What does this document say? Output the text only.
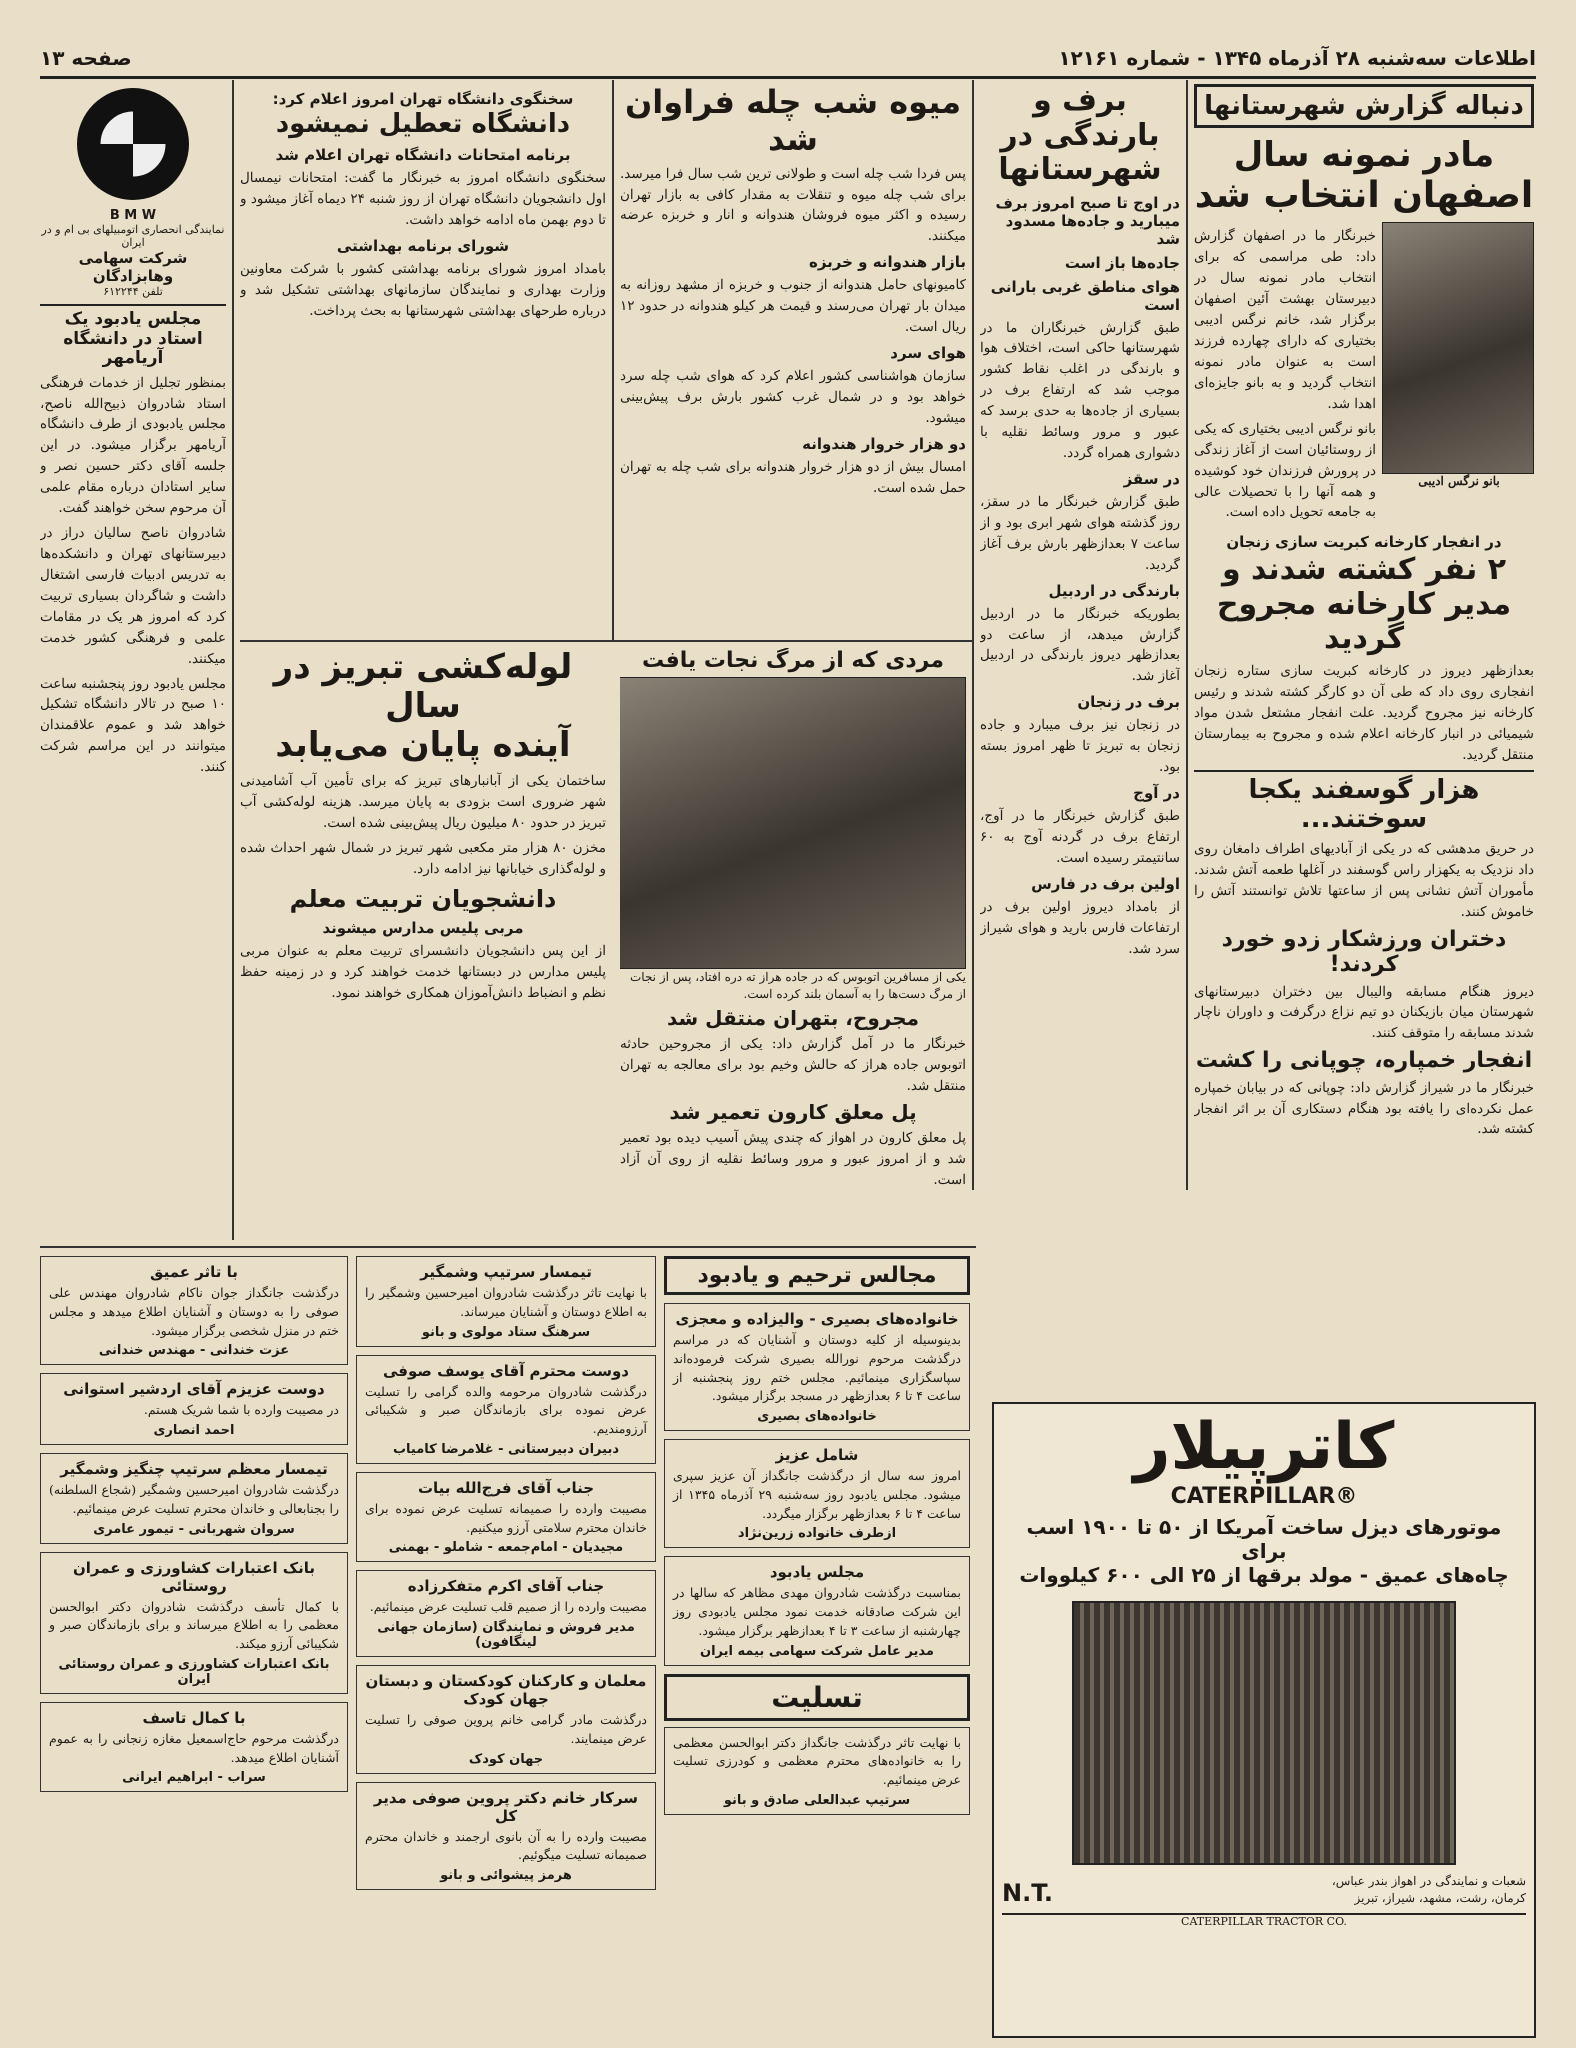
اطلاعات سه‌شنبه ۲۸ آذرماه ۱۳۴۵ - شماره ۱۲۱۶۱
صفحه ۱۳
دنباله گزارش شهرستانها
مادر نمونه سال
اصفهان انتخاب شد
بانو نرگس ادیبی

خبرنگار ما در اصفهان گزارش داد: طی مراسمی که برای انتخاب مادر نمونه سال در دبیرستان بهشت آئین اصفهان برگزار شد، خانم نرگس ادیبی بختیاری که دارای چهارده فرزند است به عنوان مادر نمونه انتخاب گردید و به بانو جایزه‌ای اهدا شد.

بانو نرگس ادیبی بختیاری که یکی از روستائیان است از آغاز زندگی در پرورش فرزندان خود کوشیده و همه آنها را با تحصیلات عالی به جامعه تحویل داده است.

در انفجار کارخانه کبریت سازی زنجان
۲ نفر کشته شدند و مدیر کارخانه مجروح گردید

بعدازظهر دیروز در کارخانه کبریت سازی ستاره زنجان انفجاری روی داد که طی آن دو کارگر کشته شدند و رئیس کارخانه نیز مجروح گردید. علت انفجار مشتعل شدن مواد شیمیائی در انبار کارخانه اعلام شده و مجروح به بیمارستان منتقل گردید.

هزار گوسفند یکجا سوختند...

در حریق مدهشی که در یکی از آبادیهای اطراف دامغان روی داد نزدیک به یکهزار راس گوسفند در آغلها طعمه آتش شدند. مأموران آتش نشانی پس از ساعتها تلاش توانستند آتش را خاموش کنند.

دختران ورزشکار زدو خورد کردند!

دیروز هنگام مسابقه والیبال بین دختران دبیرستانهای شهرستان میان بازیکنان دو تیم نزاع درگرفت و داوران ناچار شدند مسابقه را متوقف کنند.

انفجار خمپاره، چوپانی را کشت

خبرنگار ما در شیراز گزارش داد: چوپانی که در بیابان خمپاره عمل نکرده‌ای را یافته بود هنگام دستکاری آن بر اثر انفجار کشته شد.

برف و بارندگی در شهرستانها
در اوج تا صبح امروز برف میبارید و جاده‌ها مسدود شد
جاده‌ها باز است
هوای مناطق غربی بارانی است

طبق گزارش خبرنگاران ما در شهرستانها حاکی است، اختلاف هوا و بارندگی در اغلب نقاط کشور موجب شد که ارتفاع برف در بسیاری از جاده‌ها به حدی برسد که عبور و مرور وسائط نقلیه با دشواری همراه گردد.

در سقز

طبق گزارش خبرنگار ما در سقز، روز گذشته هوای شهر ابری بود و از ساعت ۷ بعدازظهر بارش برف آغاز گردید.

بارندگی در اردبیل

بطوریکه خبرنگار ما در اردبیل گزارش میدهد، از ساعت دو بعدازظهر دیروز بارندگی در اردبیل آغاز شد.

برف در زنجان

در زنجان نیز برف میبارد و جاده زنجان به تبریز تا ظهر امروز بسته بود.

در آوج

طبق گزارش خبرنگار ما در آوج، ارتفاع برف در گردنه آوج به ۶۰ سانتیمتر رسیده است.

اولین برف در فارس

از بامداد دیروز اولین برف در ارتفاعات فارس بارید و هوای شیراز سرد شد.

میوه شب چله فراوان شد

پس فردا شب چله است و طولانی ترین شب سال فرا میرسد. برای شب چله میوه و تنقلات به مقدار کافی به بازار تهران رسیده و اکثر میوه فروشان هندوانه و انار و خربزه عرضه میکنند.

بازار هندوانه و خربزه

کامیونهای حامل هندوانه از جنوب و خربزه از مشهد روزانه به میدان بار تهران می‌رسند و قیمت هر کیلو هندوانه در حدود ۱۲ ریال است.

هوای سرد

سازمان هواشناسی کشور اعلام کرد که هوای شب چله سرد خواهد بود و در شمال غرب کشور بارش برف پیش‌بینی میشود.

دو هزار خروار هندوانه

امسال بیش از دو هزار خروار هندوانه برای شب چله به تهران حمل شده است.

سخنگوی دانشگاه تهران امروز اعلام کرد:
دانشگاه تعطیل نمیشود
برنامه امتحانات دانشگاه تهران اعلام شد

سخنگوی دانشگاه امروز به خبرنگار ما گفت: امتحانات نیمسال اول دانشجویان دانشگاه تهران از روز شنبه ۲۴ دیماه آغاز میشود و تا دوم بهمن ماه ادامه خواهد داشت.

شورای برنامه بهداشتی

بامداد امروز شورای برنامه بهداشتی کشور با شرکت معاونین وزارت بهداری و نمایندگان سازمانهای بهداشتی تشکیل شد و درباره طرحهای بهداشتی شهرستانها به بحث پرداخت.

B M W
نمایندگی انحصاری اتومبیلهای بی ام و در ایران
شرکت سهامی وهابزادگان
تلفن ۶۱۲۲۴۴
مجلس یادبود یک استاد در دانشگاه آریامهر

بمنظور تجلیل از خدمات فرهنگی استاد شادروان ذبیح‌الله ناصح، مجلس یادبودی از طرف دانشگاه آریامهر برگزار میشود. در این جلسه آقای دکتر حسین نصر و سایر استادان درباره مقام علمی آن مرحوم سخن خواهند گفت.

شادروان ناصح سالیان دراز در دبیرستانهای تهران و دانشکده‌ها به تدریس ادبیات فارسی اشتغال داشت و شاگردان بسیاری تربیت کرد که امروز هر یک در مقامات علمی و فرهنگی کشور خدمت میکنند.

مجلس یادبود روز پنجشنبه ساعت ۱۰ صبح در تالار دانشگاه تشکیل خواهد شد و عموم علاقمندان میتوانند در این مراسم شرکت کنند.

لوله‌کشی تبریز در سال
آینده پایان می‌یابد

ساختمان یکی از آبانبارهای تبریز که برای تأمین آب آشامیدنی شهر ضروری است بزودی به پایان میرسد. هزینه لوله‌کشی آب تبریز در حدود ۸۰ میلیون ریال پیش‌بینی شده است.

مخزن ۸۰ هزار متر مکعبی شهر تبریز در شمال شهر احداث شده و لوله‌گذاری خیابانها نیز ادامه دارد.

دانشجویان تربیت معلم
مربی پلیس مدارس میشوند

از این پس دانشجویان دانشسرای تربیت معلم به عنوان مربی پلیس مدارس در دبستانها خدمت خواهند کرد و در زمینه حفظ نظم و انضباط دانش‌آموزان همکاری خواهند نمود.

مردی که از مرگ نجات یافت
یکی از مسافرین اتوبوس که در جاده هراز ته دره افتاد، پس از نجات از مرگ دست‌ها را به آسمان بلند کرده است.
مجروح، بتهران منتقل شد

خبرنگار ما در آمل گزارش داد: یکی از مجروحین حادثه اتوبوس جاده هراز که حالش وخیم بود برای معالجه به تهران منتقل شد.

پل معلق کارون تعمیر شد

پل معلق کارون در اهواز که چندی پیش آسیب دیده بود تعمیر شد و از امروز عبور و مرور وسائط نقلیه از روی آن آزاد است.

مجالس ترحیم و یادبود
خانواده‌های بصیری - والیزاده و معجزی
بدینوسیله از کلیه دوستان و آشنایان که در مراسم درگذشت مرحوم نورالله بصیری شرکت فرموده‌اند سپاسگزاری مینمائیم. مجلس ختم روز پنجشنبه از ساعت ۴ تا ۶ بعدازظهر در مسجد برگزار میشود.
خانواده‌های بصیری
شامل عزیز
امروز سه سال از درگذشت جانگداز آن عزیز سپری میشود. مجلس یادبود روز سه‌شنبه ۲۹ آذرماه ۱۳۴۵ از ساعت ۴ تا ۶ بعدازظهر برگزار میگردد.
ازطرف خانواده زرین‌نژاد
مجلس یادبود
بمناسبت درگذشت شادروان مهدی مظاهر که سالها در این شرکت صادقانه خدمت نمود مجلس یادبودی روز چهارشنبه از ساعت ۳ تا ۴ بعدازظهر برگزار میشود.
مدیر عامل شرکت سهامی بیمه ایران
تسلیت
با نهایت تاثر درگذشت جانگداز دکتر ابوالحسن معظمی را به خانواده‌های محترم معظمی و کودرزی تسلیت عرض مینمائیم.
سرتیپ عبدالعلی صادق و بانو
تیمسار سرتیپ وشمگیر
با نهایت تاثر درگذشت شادروان امیرحسین وشمگیر را به اطلاع دوستان و آشنایان میرساند.
سرهنگ ستاد مولوی و بانو
دوست محترم آقای یوسف صوفی
درگذشت شادروان مرحومه والده گرامی را تسلیت عرض نموده برای بازماندگان صبر و شکیبائی آرزومندیم.
دبیران دبیرستانی - غلامرضا کامیاب
جناب آقای فرج‌الله بیات
مصیبت وارده را صمیمانه تسلیت عرض نموده برای خاندان محترم سلامتی آرزو میکنیم.
مجیدیان - امام‌جمعه - شاملو - بهمنی
جناب آقای اکرم متفکرزاده
مصیبت وارده را از صمیم قلب تسلیت عرض مینمائیم.
مدیر فروش و نمایندگان (سازمان جهانی لینگافون)
معلمان و کارکنان کودکستان و دبستان جهان کودک
درگذشت مادر گرامی خانم پروین صوفی را تسلیت عرض مینمایند.
جهان کودک
سرکار خانم دکتر پروین صوفی مدیر کل
مصیبت وارده را به آن بانوی ارجمند و خاندان محترم صمیمانه تسلیت میگوئیم.
هرمز پیشوائی و بانو
با تاثر عمیق
درگذشت جانگداز جوان ناکام شادروان مهندس علی صوفی را به دوستان و آشنایان اطلاع میدهد و مجلس ختم در منزل شخصی برگزار میشود.
عزت خندانی - مهندس خندانی
دوست عزیزم آقای اردشیر استوانی
در مصیبت وارده با شما شریک هستم.
احمد انصاری
تیمسار معظم سرتیپ چنگیز وشمگیر
درگذشت شادروان امیرحسین وشمگیر (شجاع السلطنه) را بجنابعالی و خاندان محترم تسلیت عرض مینمائیم.
سروان شهربانی - تیمور عامری
بانک اعتبارات کشاورزی و عمران روستائی
با کمال تأسف درگذشت شادروان دکتر ابوالحسن معظمی را به اطلاع میرساند و برای بازماندگان صبر و شکیبائی آرزو میکند.
بانک اعتبارات کشاورزی و عمران روستائی ایران
با کمال تاسف
درگذشت مرحوم حاج‌اسمعیل مغازه زنجانی را به عموم آشنایان اطلاع میدهد.
سراب - ابراهیم ایرانی
کاترپیلار
CATERPILLAR®
موتورهای دیزل ساخت آمریکا از ۵۰ تا ۱۹۰۰ اسب برای
چاه‌های عمیق - مولد برقها از ۲۵ الی ۶۰۰ کیلووات
شعبات و نمایندگی در اهواز بندر عباس، کرمان، رشت، مشهد، شیراز، تبریز
N.T.
CATERPILLAR TRACTOR CO.
